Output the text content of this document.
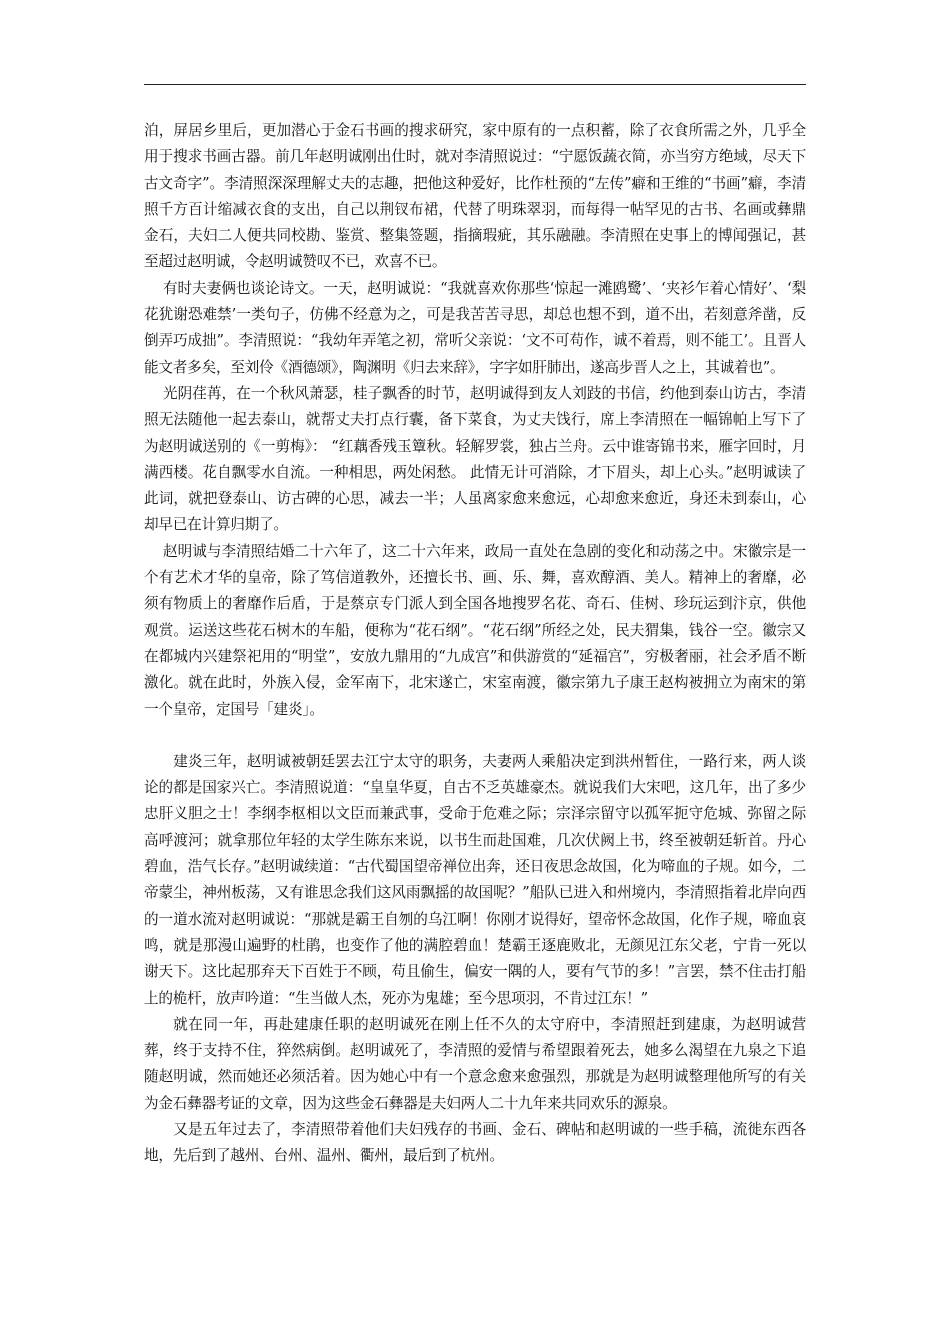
泊，屏居乡里后，更加潜心于金石书画的搜求研究，家中原有的一点积蓄，除了衣食所需之外，几乎全用于搜求书画古器。前几年赵明诚刚出仕时，就对李清照说过：“宁愿饭蔬衣简，亦当穷方绝域，尽天下古文奇字”。李清照深深理解丈夫的志趣，把他这种爱好，比作杜预的“左传”癖和王维的“书画”癖，李清照千方百计缩减衣食的支出，自己以荆钗布裙，代替了明珠翠羽，而每得一帖罕见的古书、名画或彝鼎金石，夫妇二人便共同校勘、鉴赏、整集签题，指摘瑕疵，其乐融融。李清照在史事上的博闻强记，甚至超过赵明诚，令赵明诚赞叹不已，欢喜不已。

有时夫妻俩也谈论诗文。一天，赵明诚说：“我就喜欢你那些‘惊起一滩鸥鹭’、‘夹衫乍着心情好’、‘梨花犹谢恐难禁’一类句子，仿佛不经意为之，可是我苦苦寻思，却总也想不到，道不出，若刻意斧凿，反倒弄巧成拙”。李清照说：“我幼年弄笔之初，常听父亲说：‘文不可苟作，诚不着焉，则不能工’。且晋人能文者多矣，至刘伶《酒德颂》，陶渊明《归去来辞》，字字如肝肺出，遂高步晋人之上，其诚着也”。

光阴荏苒，在一个秋风萧瑟，桂子飘香的时节，赵明诚得到友人刘跂的书信，约他到泰山访古，李清照无法随他一起去泰山，就帮丈夫打点行囊，备下菜食，为丈夫饯行，席上李清照在一幅锦帕上写下了为赵明诚送别的《一剪梅》： “红藕香残玉簟秋。轻解罗裳，独占兰舟。云中谁寄锦书来，雁字回时，月满西楼。花自飘零水自流。一种相思，两处闲愁。 此情无计可消除，才下眉头，却上心头。”赵明诚读了此词，就把登泰山、访古碑的心思，减去一半；人虽离家愈来愈远，心却愈来愈近，身还未到泰山，心却早已在计算归期了。

赵明诚与李清照结婚二十六年了，这二十六年来，政局一直处在急剧的变化和动荡之中。宋徽宗是一个有艺术才华的皇帝，除了笃信道教外，还擅长书、画、乐、舞，喜欢醇酒、美人。精神上的奢靡，必须有物质上的奢靡作后盾，于是蔡京专门派人到全国各地搜罗名花、奇石、佳树、珍玩运到汴京，供他观赏。运送这些花石树木的车船，便称为“花石纲”。“花石纲”所经之处，民夫猬集，钱谷一空。徽宗又在都城内兴建祭祀用的“明堂”，安放九鼎用的“九成宫”和供游赏的“延福宫”，穷极奢丽，社会矛盾不断激化。就在此时，外族入侵，金军南下，北宋遂亡，宋室南渡，徽宗第九子康王赵构被拥立为南宋的第一个皇帝，定国号「建炎」。

建炎三年，赵明诚被朝廷罢去江宁太守的职务，夫妻两人乘船决定到洪州暂住，一路行来，两人谈论的都是国家兴亡。李清照说道：“皇皇华夏，自古不乏英雄豪杰。就说我们大宋吧，这几年，出了多少忠肝义胆之士！李纲李枢相以文臣而兼武事，受命于危难之际；宗泽宗留守以孤军扼守危城、弥留之际高呼渡河；就拿那位年轻的太学生陈东来说，以书生而赴国难，几次伏阙上书，终至被朝廷斩首。丹心碧血，浩气长存。”赵明诚续道：“古代蜀国望帝禅位出奔，还日夜思念故国，化为啼血的子规。如今，二帝蒙尘，神州板荡，又有谁思念我们这风雨飘摇的故国呢？”船队已进入和州境内，李清照指着北岸向西的一道水流对赵明诚说：“那就是霸王自刎的乌江啊！你刚才说得好，望帝怀念故国，化作子规，啼血哀鸣，就是那漫山遍野的杜鹃，也变作了他的满腔碧血！楚霸王逐鹿败北，无颜见江东父老，宁肯一死以谢天下。这比起那弃天下百姓于不顾，苟且偷生，偏安一隅的人，要有气节的多！”言罢，禁不住击打船上的桅杆，放声吟道：“生当做人杰，死亦为鬼雄；至今思项羽，不肯过江东！”

就在同一年，再赴建康任职的赵明诚死在刚上任不久的太守府中，李清照赶到建康，为赵明诚营葬，终于支持不住，猝然病倒。赵明诚死了，李清照的爱情与希望跟着死去，她多么渴望在九泉之下追随赵明诚，然而她还必须活着。因为她心中有一个意念愈来愈强烈，那就是为赵明诚整理他所写的有关为金石彝器考证的文章，因为这些金石彝器是夫妇两人二十九年来共同欢乐的源泉。

又是五年过去了，李清照带着他们夫妇残存的书画、金石、碑帖和赵明诚的一些手稿，流徙东西各地，先后到了越州、台州、温州、衢州，最后到了杭州。
